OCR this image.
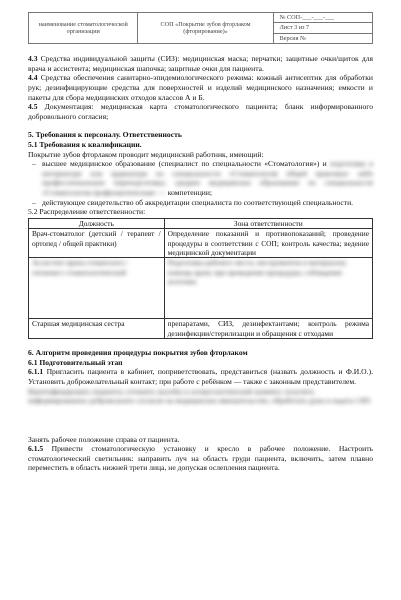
наименование стоматологической организации	СОП «Покрытие зубов фторлаком (фторирование)»	№ СОП-___-___-___
Лист 3 из 7
Версия №

4.3 Средства индивидуальной защиты (СИЗ): медицинская маска; перчатки; защитные очки/щиток для врача и ассистента; медицинская шапочка; защитные очки для пациента.

4.4 Средства обеспечения санитарно-эпидемиологического режима: кожный антисептик для обработки рук; дезинфицирующие средства для поверхностей и изделий медицинского назначения; емкости и пакеты для сбора медицинских отходов классов А и Б.

4.5 Документация: медицинская карта стоматологического пациента; бланк информированного добровольного согласия;

5. Требования к персоналу. Ответственность

5.1 Требования к квалификации.

Покрытие зубов фторлаком проводит медицинский работник, имеющий:

– высшее медицинское образование (специалист по специальности «Стоматология») и подготовку в интернатуре или ординатуре по специальности «Стоматология общей практики» либо профессиональную переподготовку; среднее медицинское образование по специальности «Стоматология профилактическая» — компетенции;
– действующее свидетельство об аккредитации специалиста по соответствующей специальности.

5.2 Распределение ответственности:

Должность	Зона ответственности
Врач-стоматолог (детский / терапевт / ортопед / общей практики)	Определение показаний и противопоказаний; проведение процедуры в соответствии с СОП; контроль качества; ведение медицинской документации

Ассистент врача-стоматолога / гигиенист стоматологический	Подготовка рабочего места, инструментов и материалов; помощь врачу при проведении процедуры; соблюдение асептики

Старшая медицинская сестра	препаратами, СИЗ, дезинфектантами; контроль режима дезинфекции/стерилизации и обращения с отходами

6. Алгоритм проведения процедуры покрытия зубов фторлаком

6.1 Подготовительный этап

6.1.1 Пригласить пациента в кабинет, поприветствовать, представиться (назвать должность и Ф.И.О.). Установить доброжелательный контакт; при работе с ребёнком — также с законным представителем.

Идентифицировать пациента; уточнить жалобы и аллергологический анамнез; получить информированное добровольное согласие на медицинское вмешательство; обработать руки и надеть СИЗ

Занять рабочее положение справа от пациента.

6.1.5 Привести стоматологическую установку и кресло в рабочее положение. Настроить стоматологический светильник: направить луч на область груди пациента, включить, затем плавно переместить в область нижней трети лица, не допуская ослепления пациента.
